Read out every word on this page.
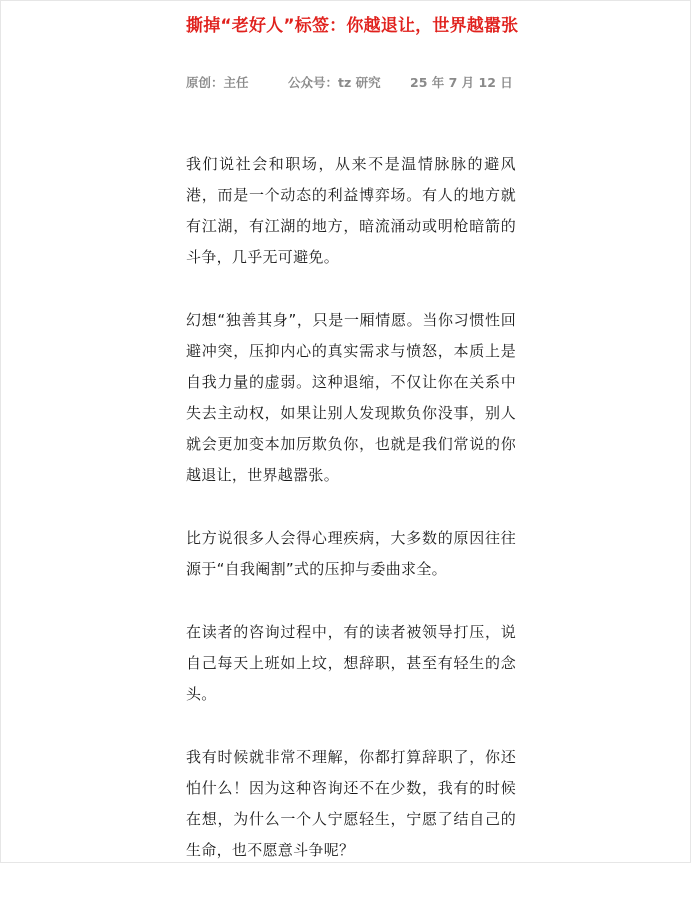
撕掉“老好人”标签：你越退让，世界越嚣张
原创：主任	公众号：tz 研究 25 年 7 月 12 日

我们说社会和职场，从来不是温情脉脉的避风港，而是一个动态的利益博弈场。有人的地方就有江湖，有江湖的地方，暗流涌动或明枪暗箭的斗争，几乎无可避免。

幻想“独善其身”，只是一厢情愿。当你习惯性回避冲突，压抑内心的真实需求与愤怒，本质上是自我力量的虚弱。这种退缩，不仅让你在关系中失去主动权，如果让别人发现欺负你没事，别人就会更加变本加厉欺负你，也就是我们常说的你越退让，世界越嚣张。

比方说很多人会得心理疾病，大多数的原因往往源于“自我阉割”式的压抑与委曲求全。

在读者的咨询过程中，有的读者被领导打压，说自己每天上班如上坟，想辞职，甚至有轻生的念头。

我有时候就非常不理解，你都打算辞职了，你还怕什么！因为这种咨询还不在少数，我有的时候在想，为什么一个人宁愿轻生，宁愿了结自己的生命，也不愿意斗争呢？
